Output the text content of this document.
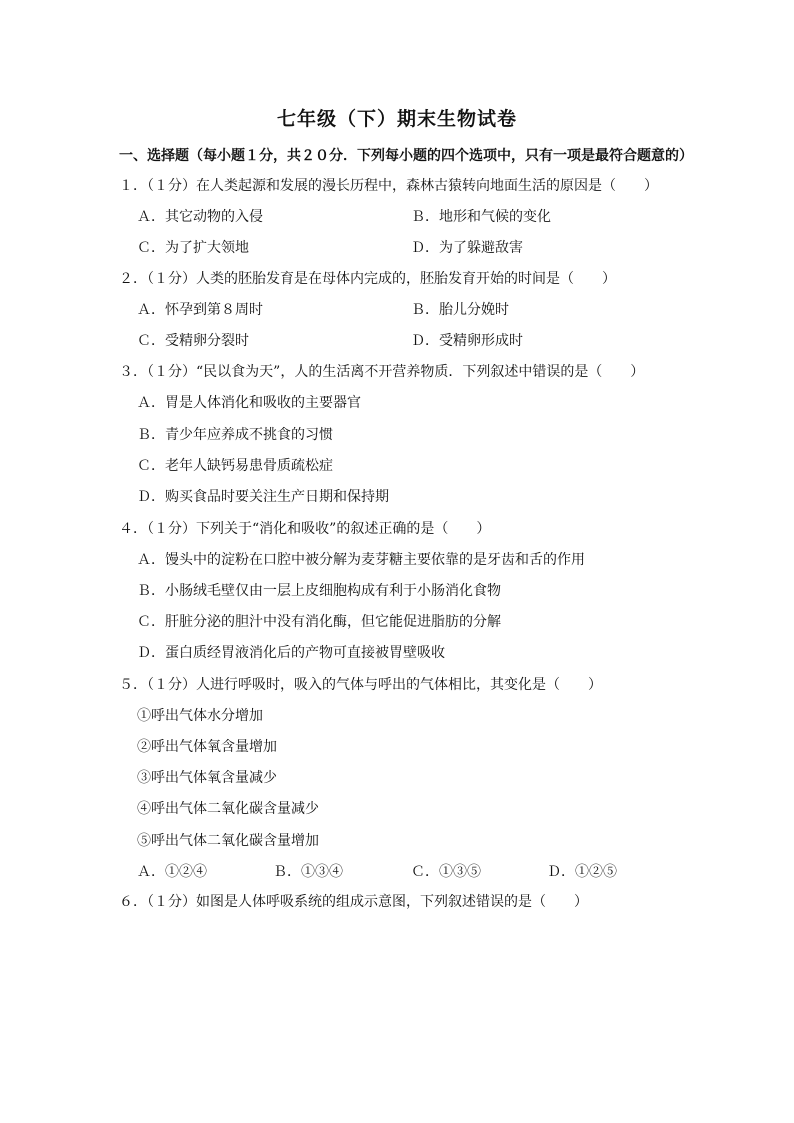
七年级（下）期末生物试卷
一、选择题（每小题１分，共２０分．下列每小题的四个选项中，只有一项是最符合题意的）
１．（１分）在人类起源和发展的漫长历程中，森林古猿转向地面生活的原因是（　　）
Ａ．其它动物的入侵	Ｂ．地形和气候的变化
Ｃ．为了扩大领地	Ｄ．为了躲避敌害
２．（１分）人类的胚胎发育是在母体内完成的，胚胎发育开始的时间是（　　）
Ａ．怀孕到第８周时	Ｂ．胎儿分娩时
Ｃ．受精卵分裂时	Ｄ．受精卵形成时
３．（１分）“民以食为天”，人的生活离不开营养物质．下列叙述中错误的是（　　）
Ａ．胃是人体消化和吸收的主要器官
Ｂ．青少年应养成不挑食的习惯
Ｃ．老年人缺钙易患骨质疏松症
Ｄ．购买食品时要关注生产日期和保持期
４．（１分）下列关于“消化和吸收”的叙述正确的是（　　）
Ａ．馒头中的淀粉在口腔中被分解为麦芽糖主要依靠的是牙齿和舌的作用
Ｂ．小肠绒毛壁仅由一层上皮细胞构成有利于小肠消化食物
Ｃ．肝脏分泌的胆汁中没有消化酶，但它能促进脂肪的分解
Ｄ．蛋白质经胃液消化后的产物可直接被胃壁吸收
５．（１分）人进行呼吸时，吸入的气体与呼出的气体相比，其变化是（　　）
①呼出气体水分增加
②呼出气体氧含量增加
③呼出气体氧含量减少
④呼出气体二氧化碳含量减少
⑤呼出气体二氧化碳含量增加
Ａ．①②④	Ｂ．①③④	Ｃ．①③⑤	Ｄ．①②⑤
６．（１分）如图是人体呼吸系统的组成示意图，下列叙述错误的是（　　）
